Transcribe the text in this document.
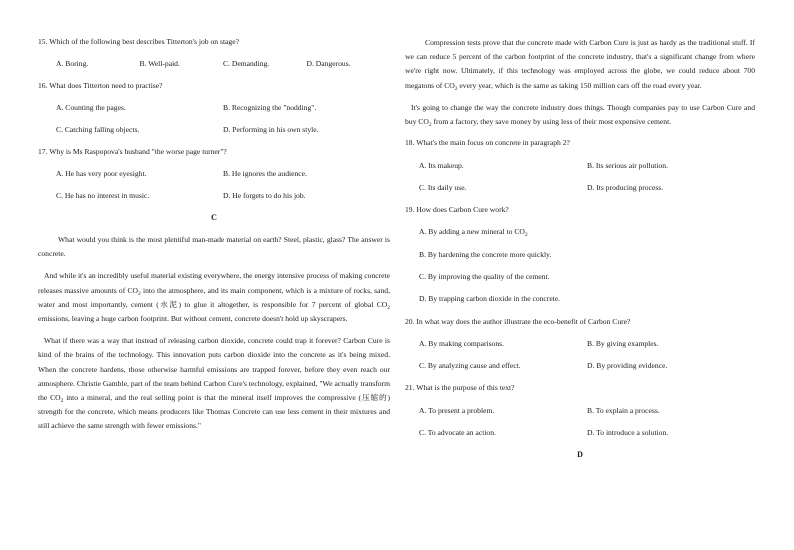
15. Which of the following best describes Titterton's job on stage?
A. Boring.	B. Well-paid.	C. Demanding.	D. Dangerous.
16. What does Titterton need to practise?
A. Counting the pages.	B. Recognizing the "nodding".
C. Catching falling objects.	D. Performing in his own style.
17. Why is Ms Raspopova's husband "the worse page turner"?
A. He has very poor eyesight.	B. He ignores the audience.
C. He has no interest in music.	D. He forgets to do his job.
C
What would you think is the most plentiful man-made material on earth? Steel, plastic, glass? The answer is concrete.
And while it's an incredibly useful material existing everywhere, the energy intensive process of making concrete releases massive amounts of $CO_2$ into the atmosphere, and its main component, which is a mixture of rocks, sand, water and most importantly, cement (水泥) to glue it altogether, is responsible for 7 percent of global $CO_2$ emissions, leaving a huge carbon footprint. But without cement, concrete doesn't hold up skyscrapers.
What if there was a way that instead of releasing carbon dioxide, concrete could trap it forever? Carbon Cure is kind of the brains of the technology. This innovation puts carbon dioxide into the concrete as it's being mixed. When the concrete hardens, those otherwise harmful emissions are trapped forever, before they even reach our atmosphere. Christie Gamble, part of the team behind Carbon Cure's technology, explained, "We actually transform the $CO_2$ into a mineral, and the real selling point is that the mineral itself improves the compressive (压缩的) strength for the concrete, which means producers like Thomas Concrete can use less cement in their mixtures and still achieve the same strength with fewer emissions."
Compression tests prove that the concrete made with Carbon Cure is just as hardy as the traditional stuff. If we can reduce 5 percent of the carbon footprint of the concrete industry, that's a significant change from where we're right now. Ultimately, if this technology was employed across the globe, we could reduce about 700 megatons of $CO_2$ every year, which is the same as taking 150 million cars off the road every year.
It's going to change the way the concrete industry does things. Though companies pay to use Carbon Cure and buy $CO_2$ from a factory, they save money by using less of their most expensive cement.
18. What's the main focus on concrete in paragraph 2?
A. Its makeup.	B. Its serious air pollution.
C. Its daily use.	D. Its producing process.
19. How does Carbon Cure work?
A. By adding a new mineral to $CO_2$
B. By hardening the concrete more quickly.
C. By improving the quality of the cement.
D. By trapping carbon dioxide in the concrete.
20. In what way does the author illustrate the eco-benefit of Carbon Cure?
A. By making comparisons.	B. By giving examples.
C. By analyzing cause and effect.	D. By providing evidence.
21. What is the purpose of this text?
A. To present a problem.	B. To explain a process.
C. To advocate an action.	D. To introduce a solution.
D
